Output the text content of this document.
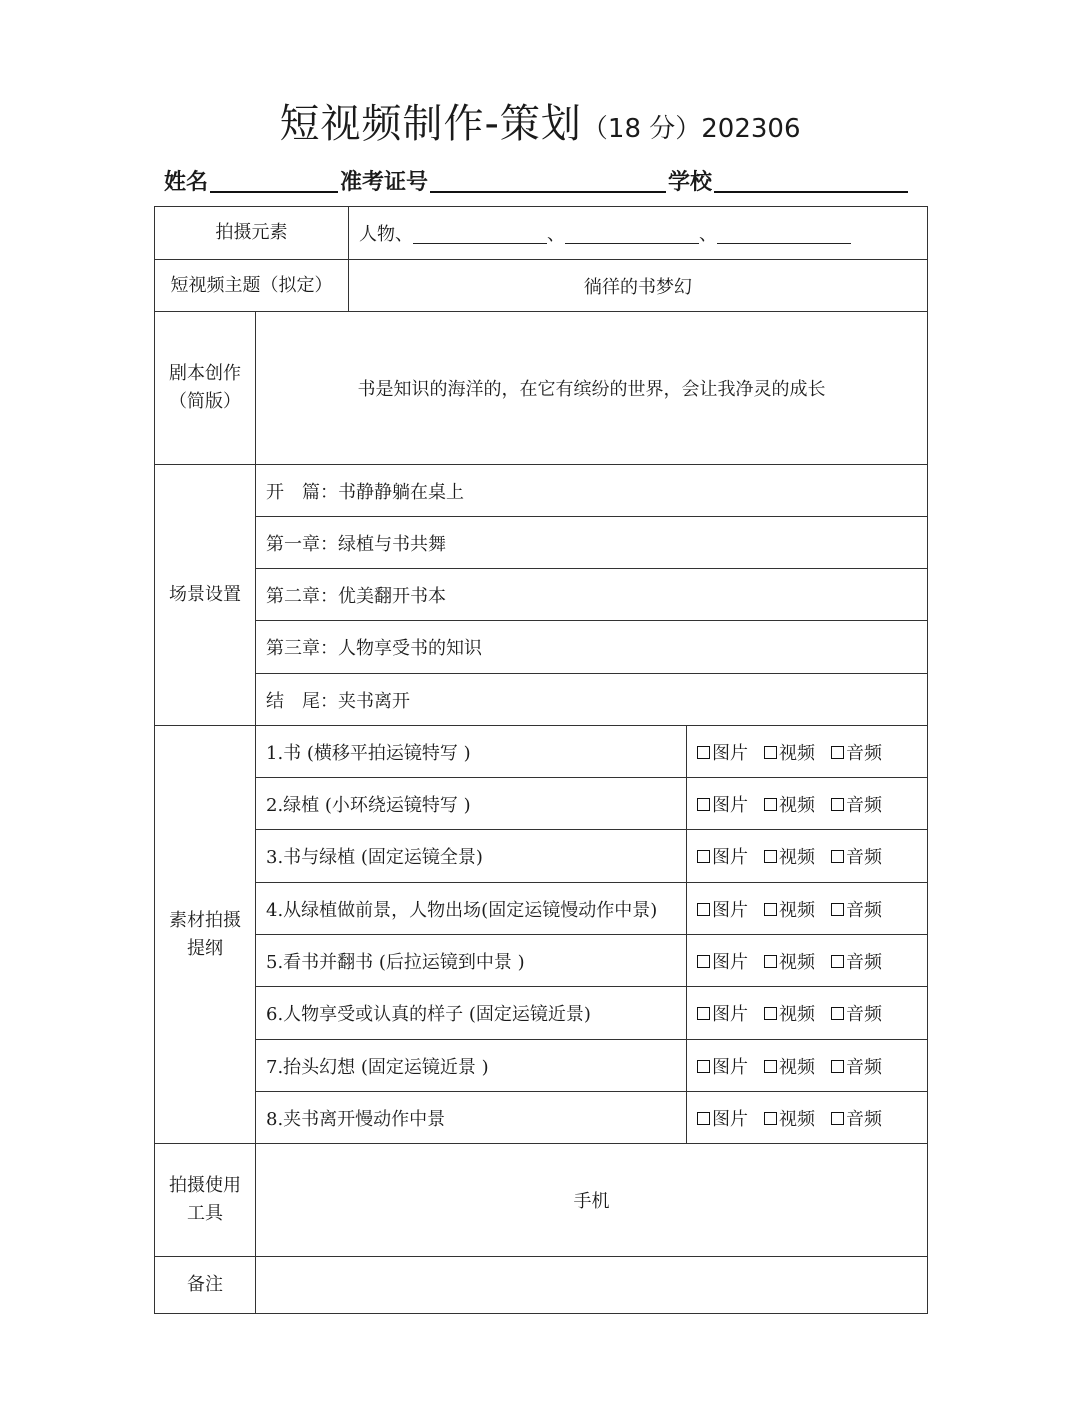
短视频制作-策划（18 分）202306
姓名	准考证号	学校
拍摄元素		人物、 、 、	
短视频主题（拟定）		徜徉的书梦幻	

剧本创作
（简版）	书是知识的海洋的，在它有缤纷的世界，会让我净灵的成长		
场景设置	开　篇：书静静躺在桌上		
	第一章：绿植与书共舞		
	第二章：优美翻开书本		
	第三章：人物享受书的知识		
	结　尾：夹书离开		

素材拍摄
提纲	1.书 (横移平拍运镜特写 )		图片 视频 音频
	2.绿植 (小环绕运镜特写 )		图片 视频 音频
	3.书与绿植 (固定运镜全景)		图片 视频 音频
	4.从绿植做前景，人物出场(固定运镜慢动作中景)		图片 视频 音频
	5.看书并翻书 (后拉运镜到中景 )		图片 视频 音频
	6.人物享受或认真的样子 (固定运镜近景)		图片 视频 音频
	7.抬头幻想 (固定运镜近景 )		图片 视频 音频
	8.夹书离开慢动作中景		图片 视频 音频

拍摄使用
工具	手机		
备注			
